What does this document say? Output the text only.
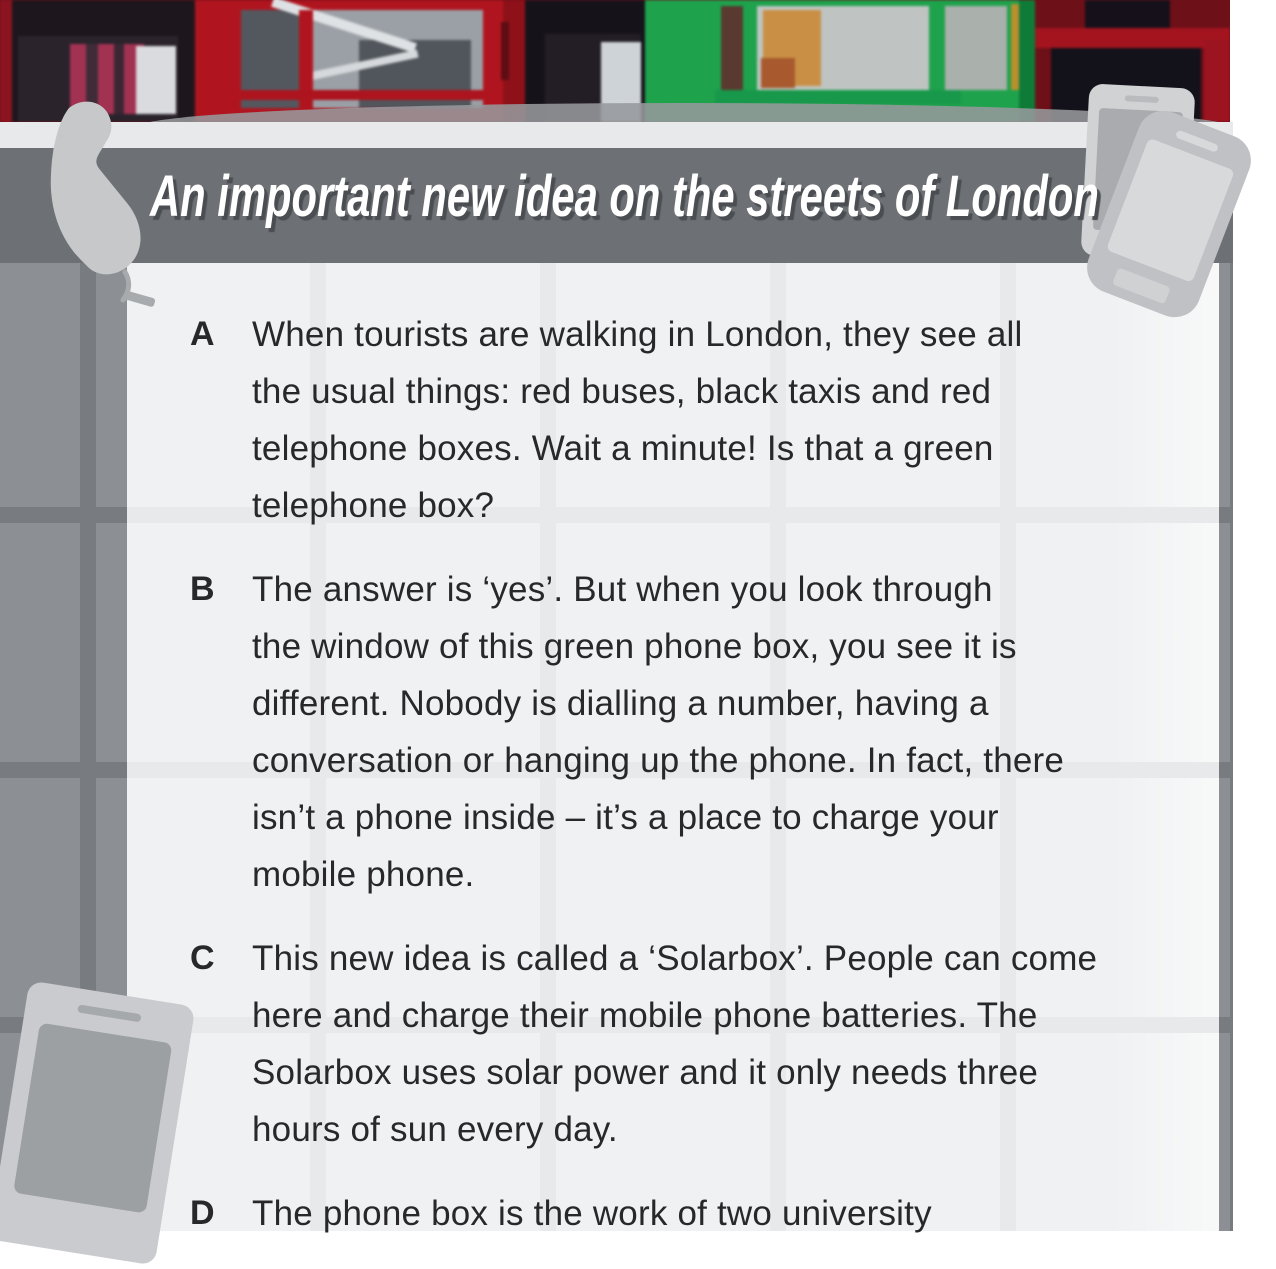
An important new idea on the streets of London
A	When tourists are walking in London, they see all
the usual things: red buses, black taxis and red
telephone boxes. Wait a minute! Is that a green
telephone box?
B	The answer is ‘yes’. But when you look through
the window of this green phone box, you see it is
different. Nobody is dialling a number, having a
conversation or hanging up the phone. In fact, there
isn’t a phone inside – it’s a place to charge your
mobile phone.
C	This new idea is called a ‘Solarbox’. People can come
here and charge their mobile phone batteries. The
Solarbox uses solar power and it only needs three
hours of sun every day.
D	The phone box is the work of two university
